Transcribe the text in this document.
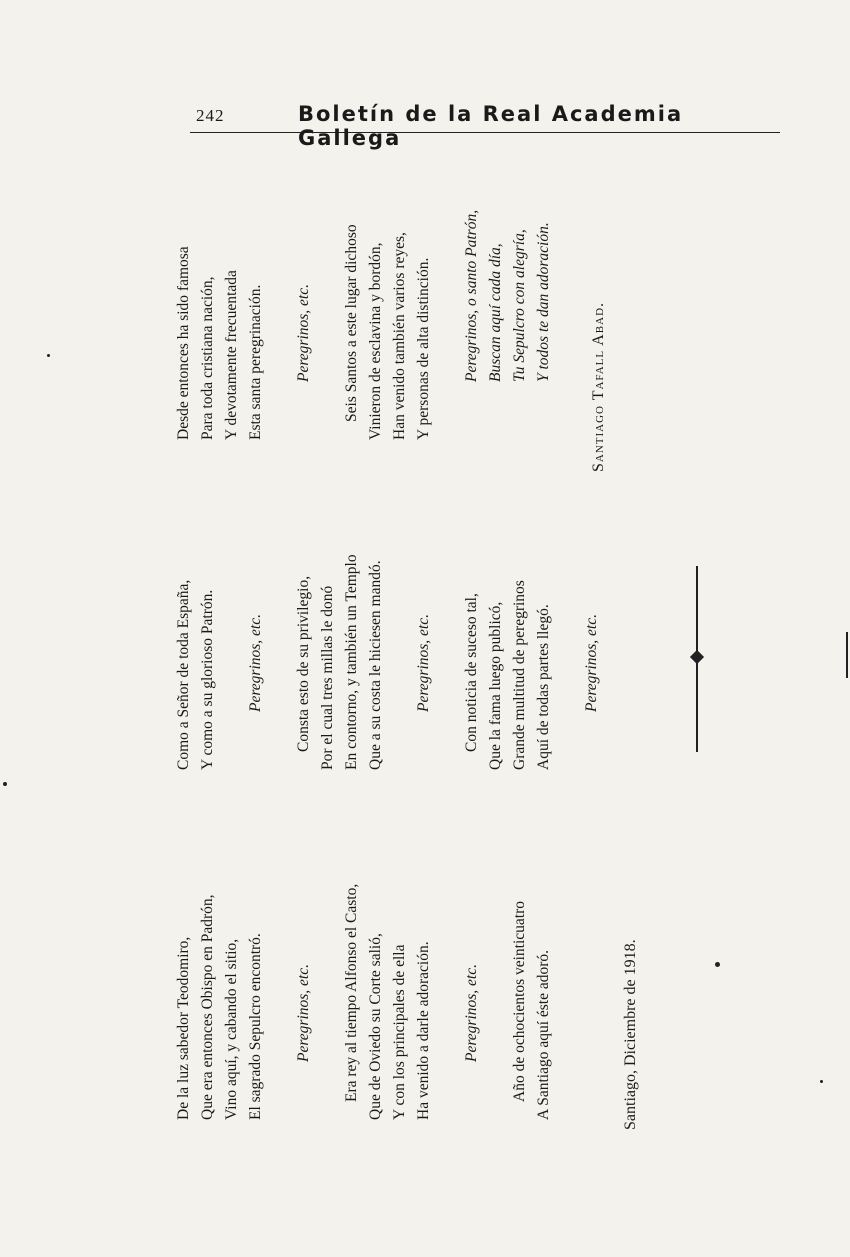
242	Boletín de la Real Academia Gallega
De la luz sabedor Teodomiro, Que era entonces Obispo en Padrón, Vino aquí, y cabando el sitio, El sagrado Sepulcro encontró. Peregrinos, etc. Era rey al tiempo Alfonso el Casto, Que de Oviedo su Corte salió, Y con los principales de ella Ha venido a darle adoración. Peregrinos, etc. Año de ochocientos veinticuatro A Santiago aquí éste adoró.
Como a Señor de toda España, Y como a su glorioso Patrón. Peregrinos, etc. Consta esto de su privilegio, Por el cual tres millas le donó En contorno, y también un Templo Que a su costa le hiciesen mandó. Peregrinos, etc. Con noticia de suceso tal, Que la fama luego publicó, Grande multitud de peregrinos Aquí de todas partes llegó. Peregrinos, etc.
Desde entonces ha sido famosa Para toda cristiana nación, Y devotamente frecuentada Esta santa peregrinación. Peregrinos, etc. Seis Santos a este lugar dichoso Vinieron de esclavina y bordón, Han venido también varios reyes, Y personas de alta distinción. Peregrinos, o santo Patrón, Buscan aquí cada día, Tu Sepulcro con alegría, Y todos te dan adoración.
Santiago, Diciembre de 1918.
Santiago Tafall Abad.
